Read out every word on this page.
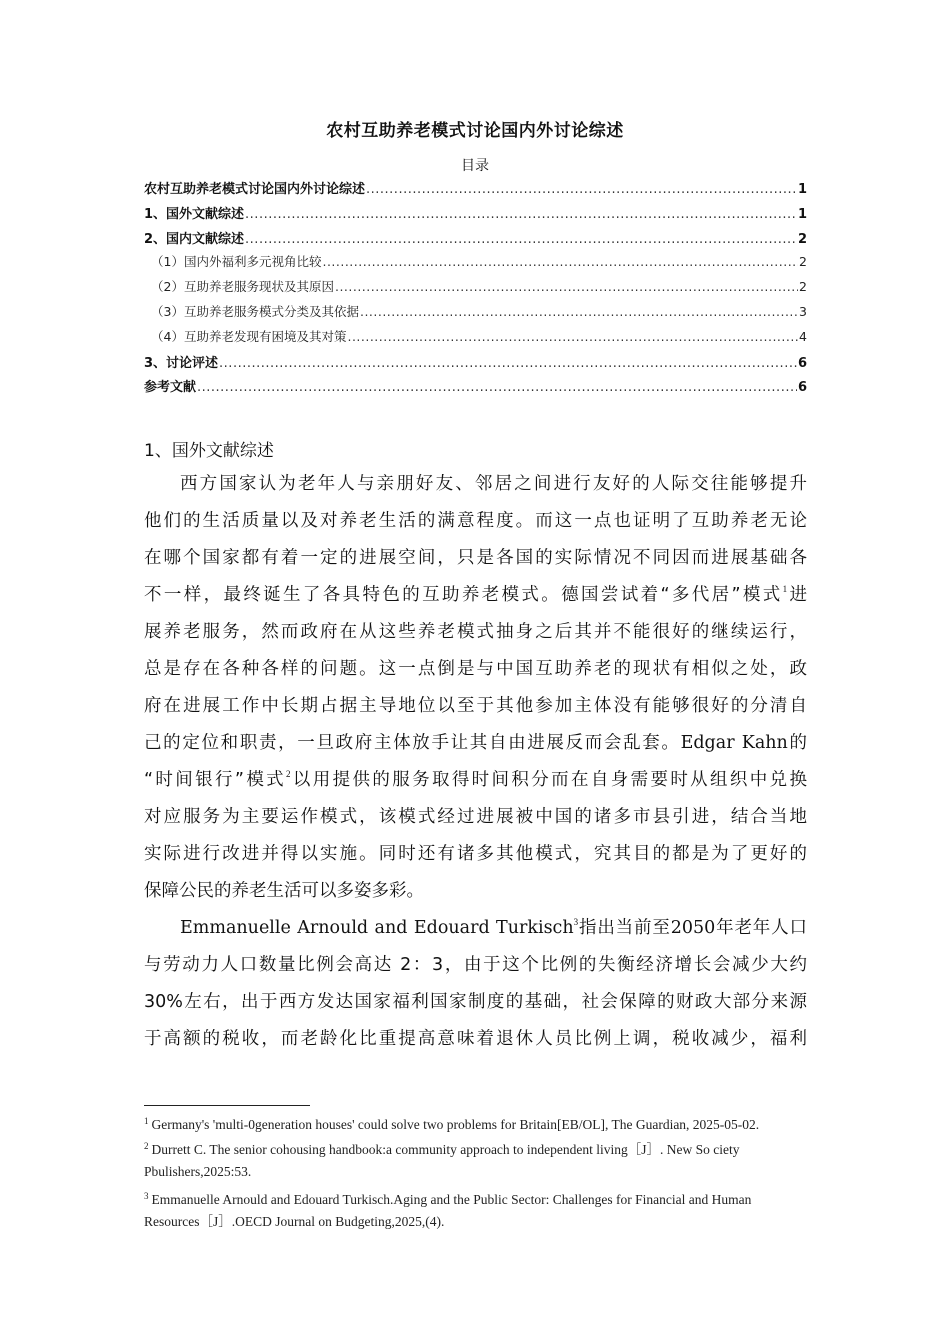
农村互助养老模式讨论国内外讨论综述
目录
农村互助养老模式讨论国内外讨论综述 .....	1
1、国外文献综述 .....	1
2、国内文献综述 .....	2
（1）国内外福利多元视角比较 .....	2
（2）互助养老服务现状及其原因 .....	2
（3）互助养老服务模式分类及其依据 .....	3
（4）互助养老发现有困境及其对策 .....	4
3、讨论评述 .....	6
参考文献 .....	6
1、国外文献综述
西方国家认为老年人与亲朋好友、邻居之间进行友好的人际交往能够提升
他们的生活质量以及对养老生活的满意程度。而这一点也证明了互助养老无论
在哪个国家都有着一定的进展空间，只是各国的实际情况不同因而进展基础各
不一样，最终诞生了各具特色的互助养老模式。德国尝试着“多代居”模式$^1$进
展养老服务，然而政府在从这些养老模式抽身之后其并不能很好的继续运行，
总是存在各种各样的问题。这一点倒是与中国互助养老的现状有相似之处，政
府在进展工作中长期占据主导地位以至于其他参加主体没有能够很好的分清自
己的定位和职责，一旦政府主体放手让其自由进展反而会乱套。Edgar Kahn的
“时间银行”模式$^2$以用提供的服务取得时间积分而在自身需要时从组织中兑换
对应服务为主要运作模式，该模式经过进展被中国的诸多市县引进，结合当地
实际进行改进并得以实施。同时还有诸多其他模式，究其目的都是为了更好的
保障公民的养老生活可以多姿多彩。
Emmanuelle Arnould and Edouard Turkisch$^3$指出当前至2050年老年人口
与劳动力人口数量比例会高达 2：3，由于这个比例的失衡经济增长会减少大约
30%左右，出于西方发达国家福利国家制度的基础，社会保障的财政大部分来源
于高额的税收，而老龄化比重提高意味着退休人员比例上调，税收减少，福利
$^1$ Germany's 'multi-0generation houses' could solve two problems for Britain[EB/OL], The Guardian, 2025-05-02.
$^2$ Durrett C. The senior cohousing handbook:a community approach to independent living［J］. New So ciety
Pbulishers,2025:53.
$^3$ Emmanuelle Arnould and Edouard Turkisch.Aging and the Public Sector: Challenges for Financial and Human
Resources［J］.OECD Journal on Budgeting,2025,(4).
